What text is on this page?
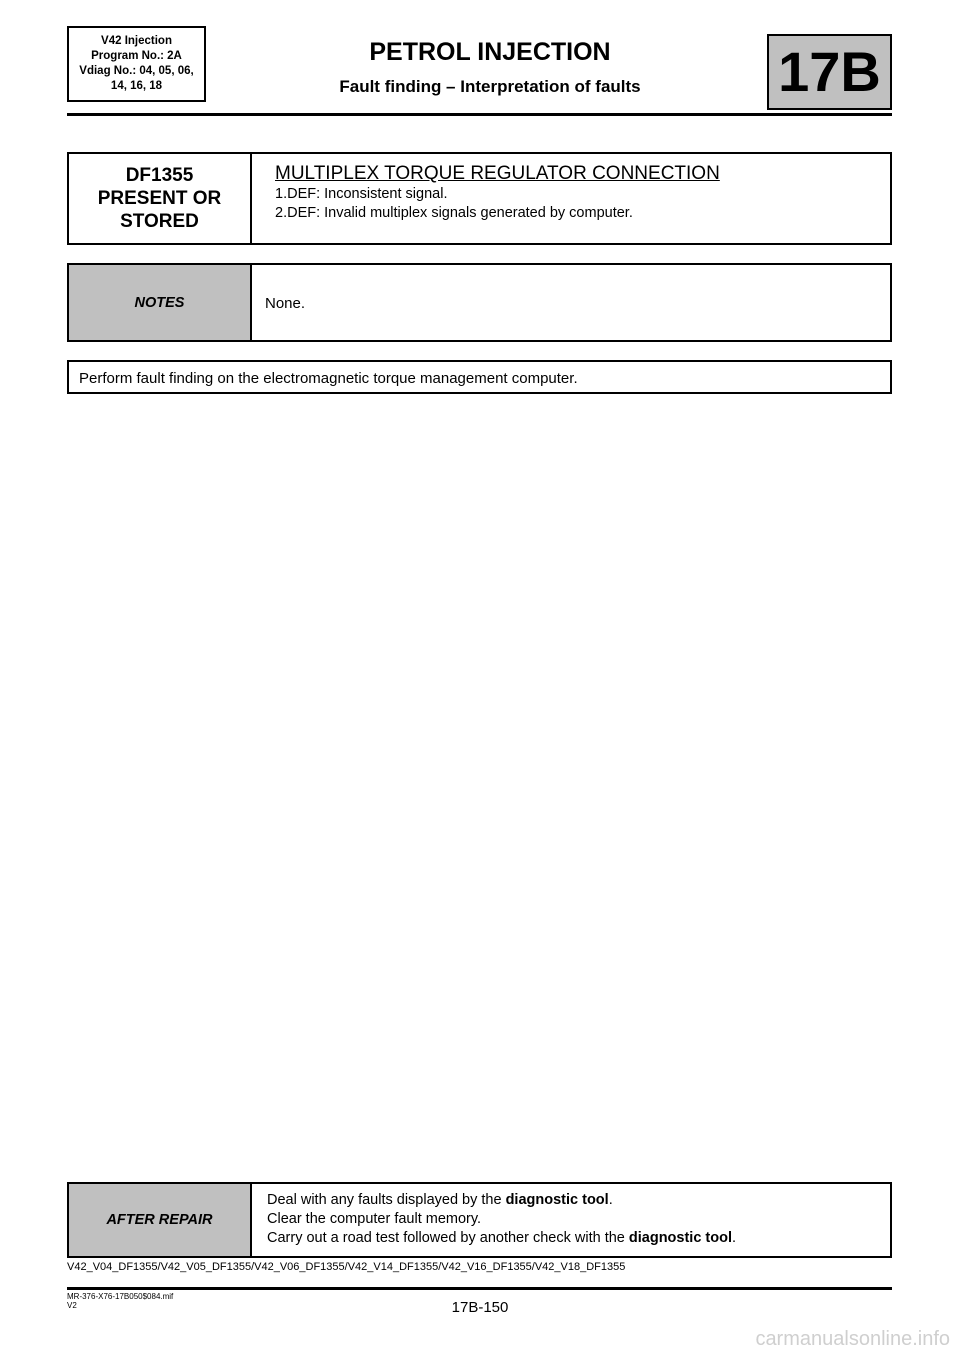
V42 Injection
Program No.: 2A
Vdiag No.: 04, 05, 06,
14, 16, 18
PETROL INJECTION
Fault finding – Interpretation of faults	17B
DF1355
PRESENT OR
STORED
MULTIPLEX TORQUE REGULATOR CONNECTION
1.DEF: Inconsistent signal.
2.DEF: Invalid multiplex signals generated by computer.
NOTES	None.
Perform fault finding on the electromagnetic torque management computer.
AFTER REPAIR
Deal with any faults displayed by the diagnostic tool.
Clear the computer fault memory.
Carry out a road test followed by another check with the diagnostic tool.
V42_V04_DF1355/V42_V05_DF1355/V42_V06_DF1355/V42_V14_DF1355/V42_V16_DF1355/V42_V18_DF1355
MR-376-X76-17B050$084.mif
V2	17B-150
carmanualsonline.info
